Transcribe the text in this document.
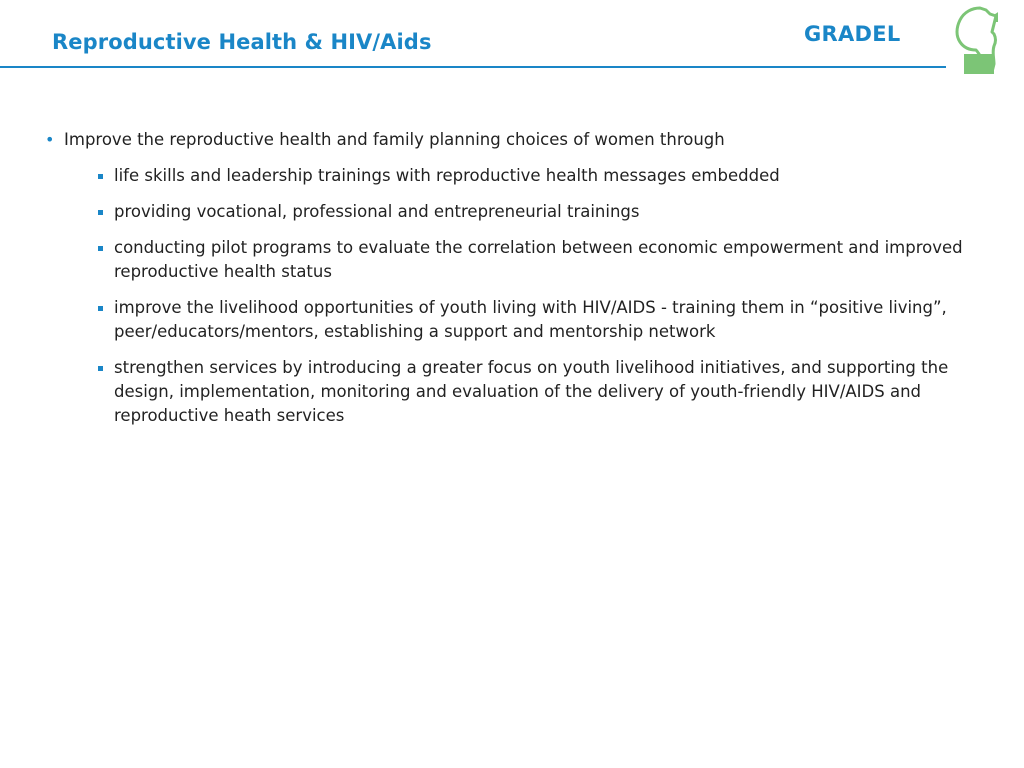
Reproductive Health & HIV/Aids	GRADEL
• Improve the reproductive health and family planning choices of women through
life skills and leadership trainings with reproductive health messages embedded
providing vocational, professional and entrepreneurial trainings
conducting pilot programs to evaluate the correlation between economic empowerment and improved reproductive health status
improve the livelihood opportunities of youth living with HIV/AIDS - training them in “positive living”, peer/educators/mentors, establishing a support and mentorship network
strengthen services by introducing a greater focus on youth livelihood initiatives, and supporting the design, implementation, monitoring and evaluation of the delivery of youth-friendly HIV/AIDS and reproductive heath services
